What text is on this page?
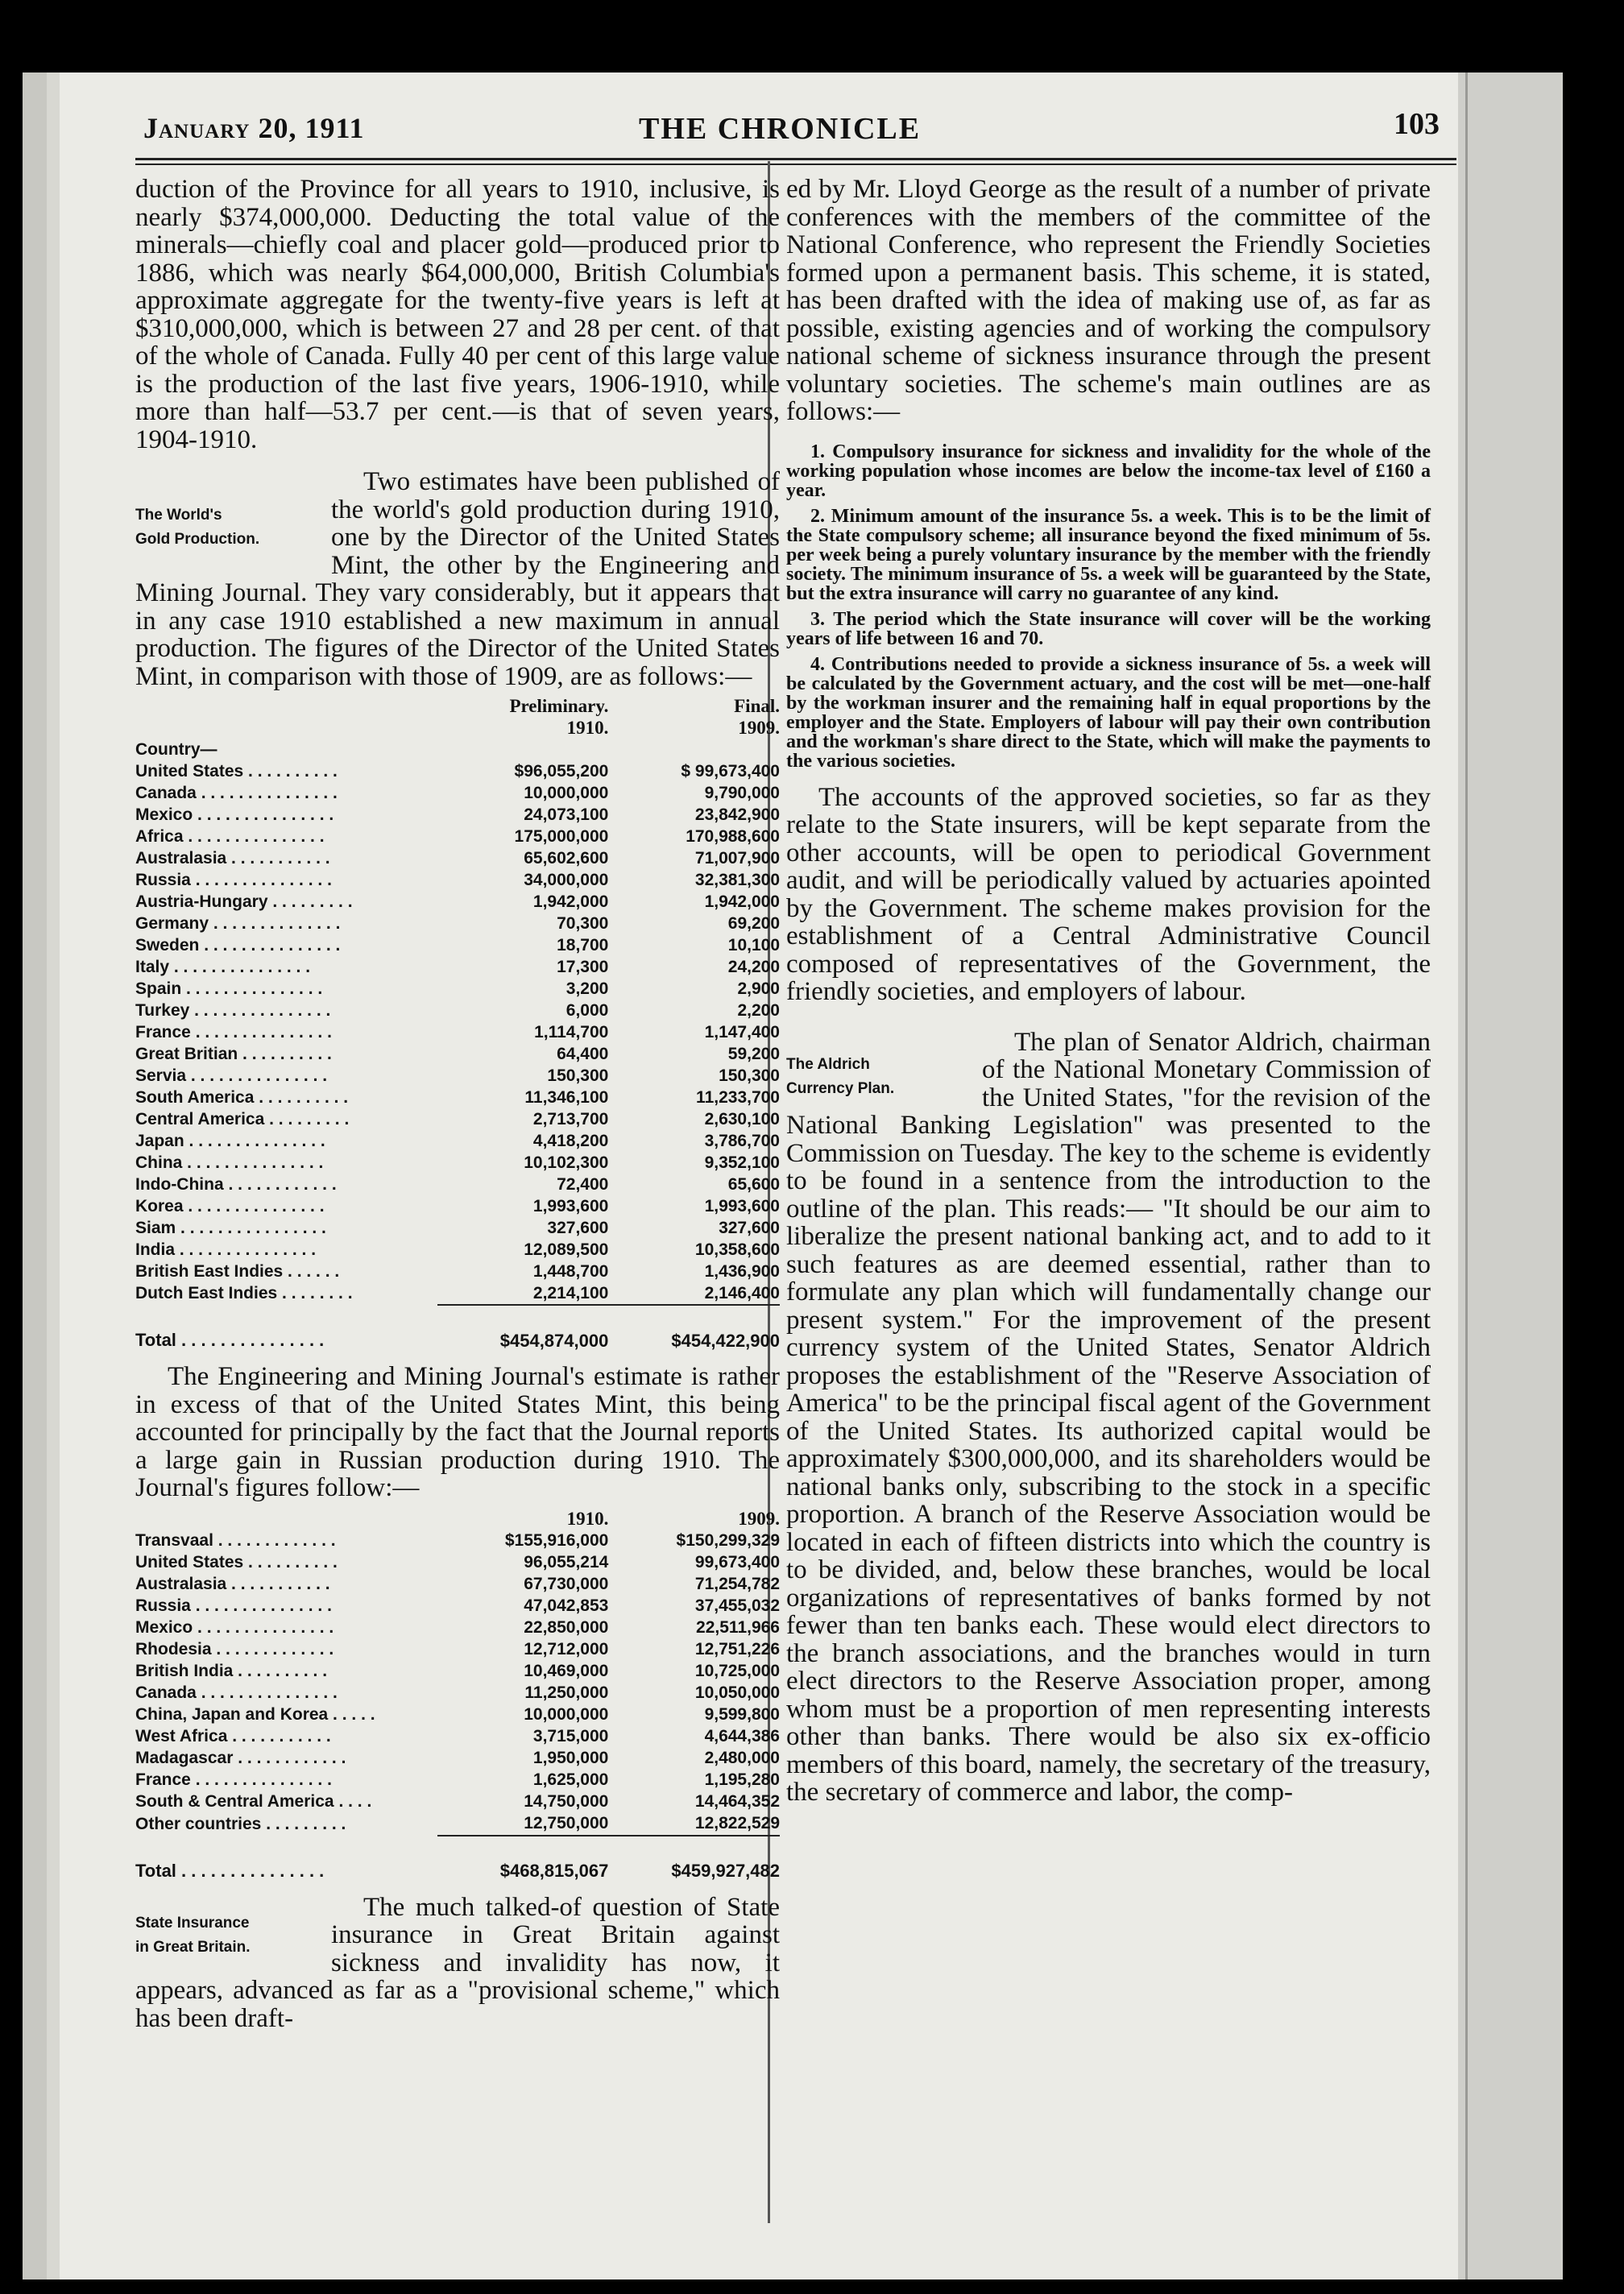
January 20, 1911	THE CHRONICLE	103

duction of the Province for all years to 1910, inclusive, is nearly $374,000,000. Deducting the total value of the minerals—chiefly coal and placer gold—produced prior to 1886, which was nearly $64,000,000, British Columbia's approximate aggregate for the twenty-five years is left at $310,000,000, which is between 27 and 28 per cent. of that of the whole of Canada. Fully 40 per cent of this large value is the production of the last five years, 1906-1910, while more than half—53.7 per cent.—is that of seven years, 1904-1910.

The World's
Gold Production.

Two estimates have been published of the world's gold production during 1910, one by the Director of the United States Mint, the other by the Engineering and Mining Journal. They vary considerably, but it appears that in any case 1910 established a new maximum in annual production. The figures of the Director of the United States Mint, in comparison with those of 1909, are as follows:—

	Preliminary.	Final.
	1910.	1909.
Country—		
United States . . . . . . . . . .	$96,055,200	$ 99,673,400
Canada . . . . . . . . . . . . . . .	10,000,000	9,790,000
Mexico . . . . . . . . . . . . . . .	24,073,100	23,842,900
Africa . . . . . . . . . . . . . . .	175,000,000	170,988,600
Australasia . . . . . . . . . . .	65,602,600	71,007,900
Russia . . . . . . . . . . . . . . .	34,000,000	32,381,300
Austria-Hungary . . . . . . . . .	1,942,000	1,942,000
Germany . . . . . . . . . . . . . .	70,300	69,200
Sweden . . . . . . . . . . . . . . .	18,700	10,100
Italy . . . . . . . . . . . . . . .	17,300	24,200
Spain . . . . . . . . . . . . . . .	3,200	2,900
Turkey . . . . . . . . . . . . . . .	6,000	2,200
France . . . . . . . . . . . . . . .	1,114,700	1,147,400
Great Britian . . . . . . . . . .	64,400	59,200
Servia . . . . . . . . . . . . . . .	150,300	150,300
South America . . . . . . . . . .	11,346,100	11,233,700
Central America . . . . . . . . .	2,713,700	2,630,100
Japan . . . . . . . . . . . . . . .	4,418,200	3,786,700
China . . . . . . . . . . . . . . .	10,102,300	9,352,100
Indo-China . . . . . . . . . . . .	72,400	65,600
Korea . . . . . . . . . . . . . . .	1,993,600	1,993,600
Siam . . . . . . . . . . . . . . . .	327,600	327,600
India . . . . . . . . . . . . . . .	12,089,500	10,358,600
British East Indies . . . . . .	1,448,700	1,436,900
Dutch East Indies . . . . . . . .	2,214,100	2,146,400
Total . . . . . . . . . . . . . . .	$454,874,000	$454,422,900

The Engineering and Mining Journal's estimate is rather in excess of that of the United States Mint, this being accounted for principally by the fact that the Journal reports a large gain in Russian production during 1910. The Journal's figures follow:—

	1910.	1909.
Transvaal . . . . . . . . . . . . .	$155,916,000	$150,299,329
United States . . . . . . . . . .	96,055,214	99,673,400
Australasia . . . . . . . . . . .	67,730,000	71,254,782
Russia . . . . . . . . . . . . . . .	47,042,853	37,455,032
Mexico . . . . . . . . . . . . . . .	22,850,000	22,511,966
Rhodesia . . . . . . . . . . . . .	12,712,000	12,751,226
British India . . . . . . . . . .	10,469,000	10,725,000
Canada . . . . . . . . . . . . . . .	11,250,000	10,050,000
China, Japan and Korea . . . . .	10,000,000	9,599,800
West Africa . . . . . . . . . . .	3,715,000	4,644,386
Madagascar . . . . . . . . . . . .	1,950,000	2,480,000
France . . . . . . . . . . . . . . .	1,625,000	1,195,280
South & Central America . . . .	14,750,000	14,464,352
Other countries . . . . . . . . .	12,750,000	12,822,529
Total . . . . . . . . . . . . . . .	$468,815,067	$459,927,482
State Insurance
in Great Britain.

The much talked-of question of State insurance in Great Britain against sickness and invalidity has now, it appears, advanced as far as a "provisional scheme," which has been draft-

ed by Mr. Lloyd George as the result of a number of private conferences with the members of the committee of the National Conference, who represent the Friendly Societies formed upon a permanent basis. This scheme, it is stated, has been drafted with the idea of making use of, as far as possible, existing agencies and of working the compulsory national scheme of sickness insurance through the present voluntary societies. The scheme's main outlines are as follows:—

1. Compulsory insurance for sickness and invalidity for the whole of the working population whose incomes are below the income-tax level of £160 a year.

2. Minimum amount of the insurance 5s. a week. This is to be the limit of the State compulsory scheme; all insurance beyond the fixed minimum of 5s. per week being a purely voluntary insurance by the member with the friendly society. The minimum insurance of 5s. a week will be guaranteed by the State, but the extra insurance will carry no guarantee of any kind.

3. The period which the State insurance will cover will be the working years of life between 16 and 70.

4. Contributions needed to provide a sickness insurance of 5s. a week will be calculated by the Government actuary, and the cost will be met—one-half by the workman insurer and the remaining half in equal proportions by the employer and the State. Employers of labour will pay their own contribution and the workman's share direct to the State, which will make the payments to the various societies.

The accounts of the approved societies, so far as they relate to the State insurers, will be kept separate from the other accounts, will be open to periodical Government audit, and will be periodically valued by actuaries apointed by the Government. The scheme makes provision for the establishment of a Central Administrative Council composed of representatives of the Government, the friendly societies, and employers of labour.

The Aldrich
Currency Plan.

The plan of Senator Aldrich, chairman of the National Monetary Commission of the United States, "for the revision of the National Banking Legislation" was presented to the Commission on Tuesday. The key to the scheme is evidently to be found in a sentence from the introduction to the outline of the plan. This reads:— "It should be our aim to liberalize the present national banking act, and to add to it such features as are deemed essential, rather than to formulate any plan which will fundamentally change our present system." For the improvement of the present currency system of the United States, Senator Aldrich proposes the establishment of the "Reserve Association of America" to be the principal fiscal agent of the Government of the United States. Its authorized capital would be approximately $300,000,000, and its shareholders would be national banks only, subscribing to the stock in a specific proportion. A branch of the Reserve Association would be located in each of fifteen districts into which the country is to be divided, and, below these branches, would be local organizations of representatives of banks formed by not fewer than ten banks each. These would elect directors to the branch associations, and the branches would in turn elect directors to the Reserve Association proper, among whom must be a proportion of men representing interests other than banks. There would be also six ex-officio members of this board, namely, the secretary of the treasury, the secretary of commerce and labor, the comp-
